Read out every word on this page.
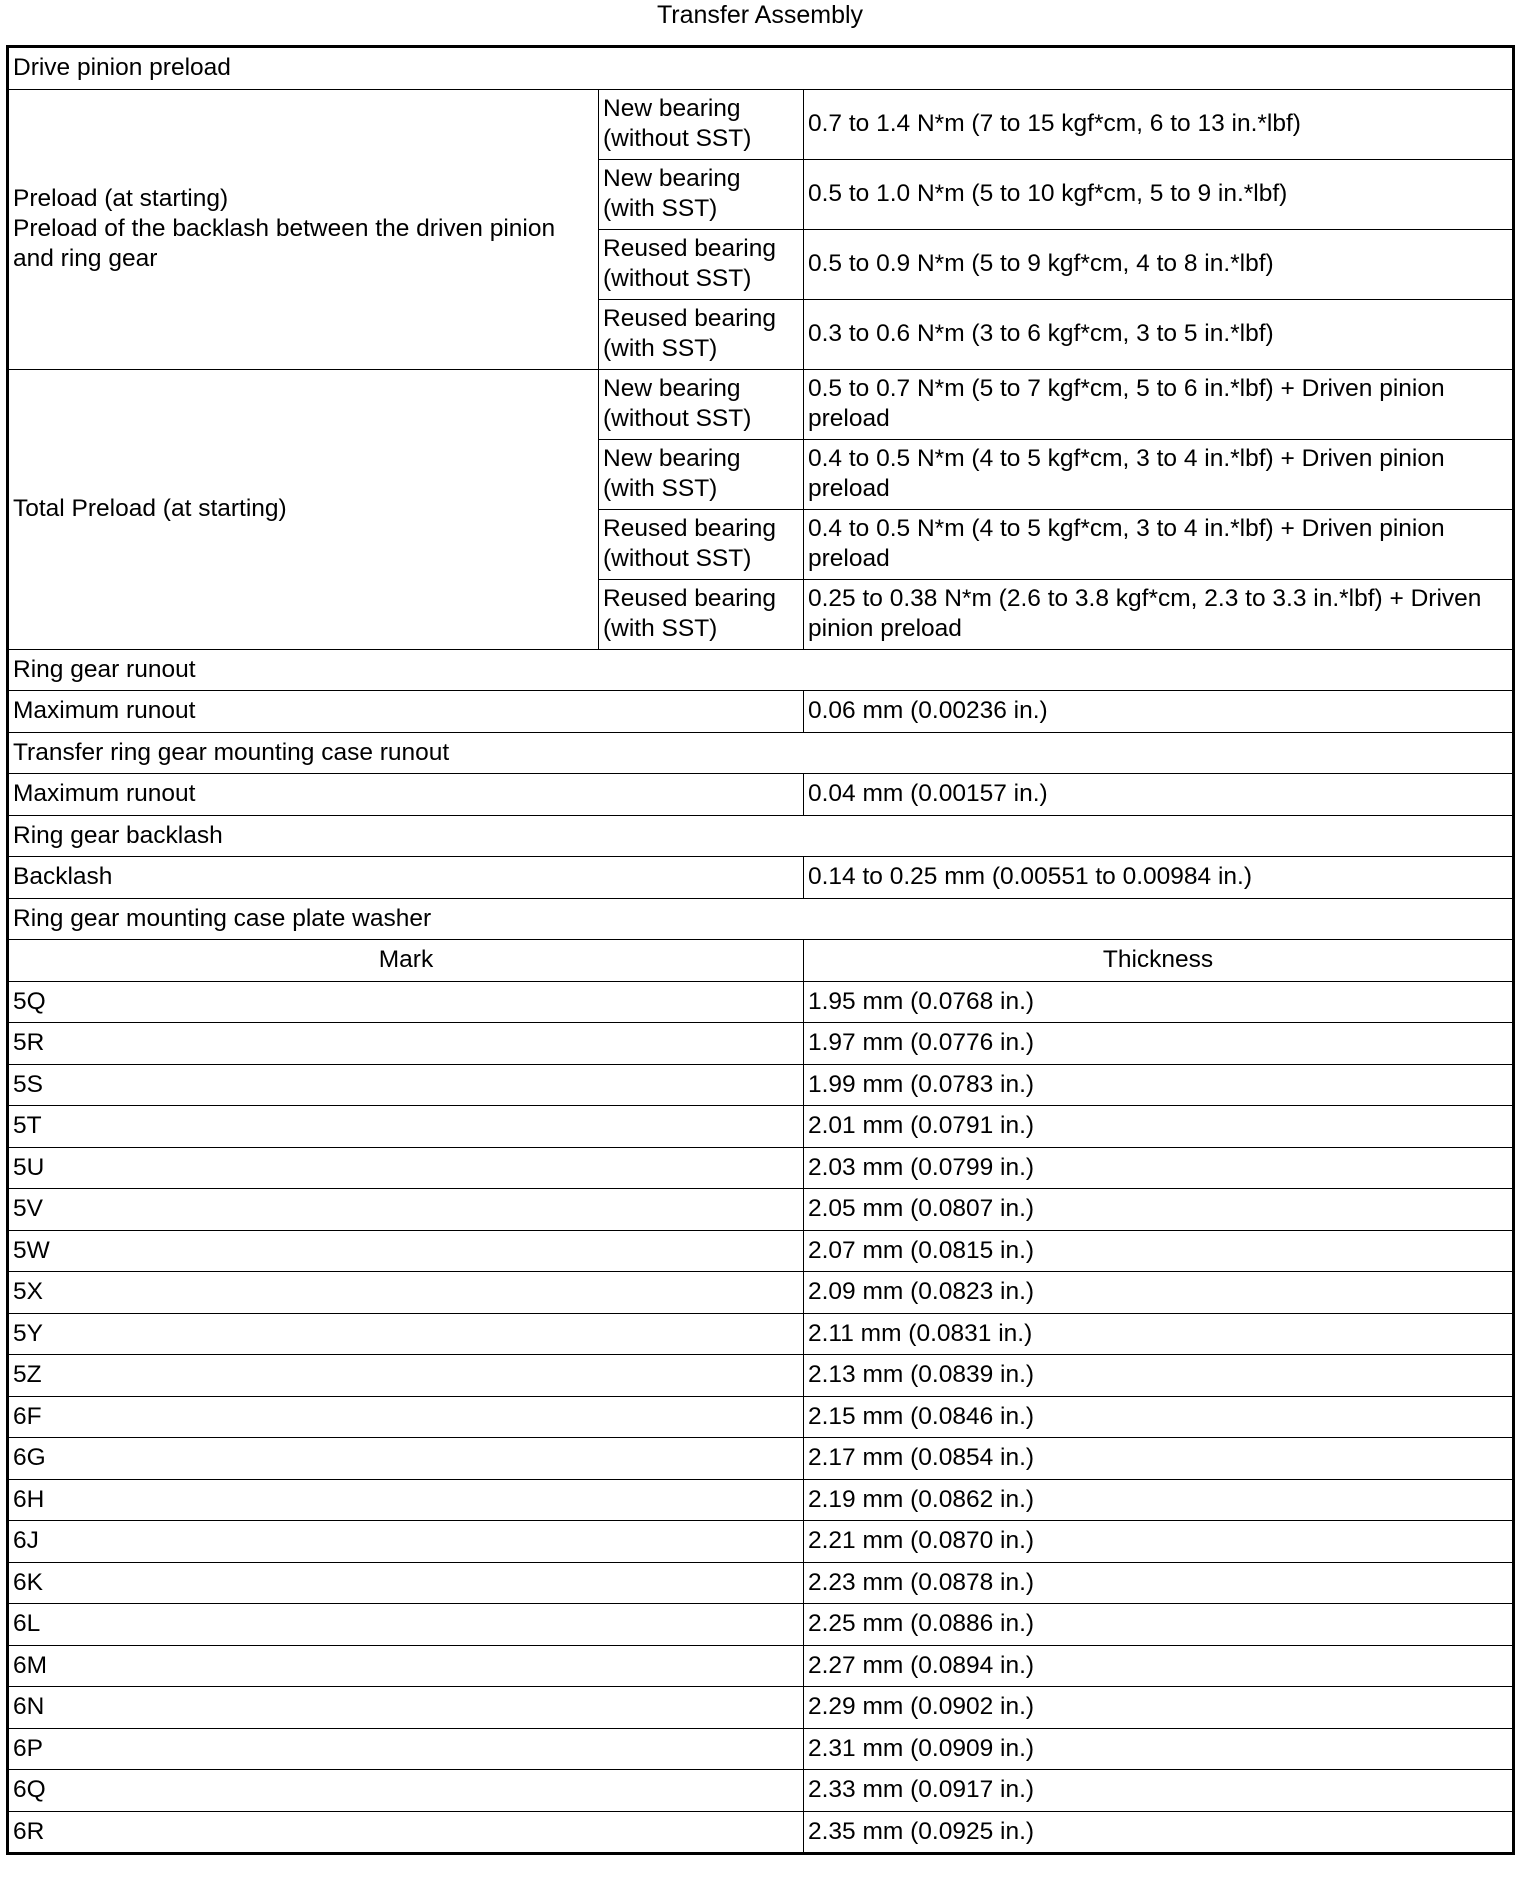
Transfer Assembly
Drive pinion preload		

Preload (at starting)
Preload of the backlash between the driven pinion and ring gear	New bearing (without SST)	0.7 to 1.4 N*m (7 to 15 kgf*cm, 6 to 13 in.*lbf)
	New bearing (with SST)	0.5 to 1.0 N*m (5 to 10 kgf*cm, 5 to 9 in.*lbf)
	Reused bearing (without SST)	0.5 to 0.9 N*m (5 to 9 kgf*cm, 4 to 8 in.*lbf)
	Reused bearing (with SST)	0.3 to 0.6 N*m (3 to 6 kgf*cm, 3 to 5 in.*lbf)
Total Preload (at starting)	New bearing (without SST)	0.5 to 0.7 N*m (5 to 7 kgf*cm, 5 to 6 in.*lbf) + Driven pinion preload
	New bearing (with SST)	0.4 to 0.5 N*m (4 to 5 kgf*cm, 3 to 4 in.*lbf) + Driven pinion preload
	Reused bearing (without SST)	0.4 to 0.5 N*m (4 to 5 kgf*cm, 3 to 4 in.*lbf) + Driven pinion preload
	Reused bearing (with SST)	0.25 to 0.38 N*m (2.6 to 3.8 kgf*cm, 2.3 to 3.3 in.*lbf) + Driven pinion preload
Ring gear runout		
Maximum runout		0.06 mm (0.00236 in.)
Transfer ring gear mounting case runout		
Maximum runout		0.04 mm (0.00157 in.)
Ring gear backlash		
Backlash		0.14 to 0.25 mm (0.00551 to 0.00984 in.)
Ring gear mounting case plate washer		
Mark		Thickness
5Q		1.95 mm (0.0768 in.)
5R		1.97 mm (0.0776 in.)
5S		1.99 mm (0.0783 in.)
5T		2.01 mm (0.0791 in.)
5U		2.03 mm (0.0799 in.)
5V		2.05 mm (0.0807 in.)
5W		2.07 mm (0.0815 in.)
5X		2.09 mm (0.0823 in.)
5Y		2.11 mm (0.0831 in.)
5Z		2.13 mm (0.0839 in.)
6F		2.15 mm (0.0846 in.)
6G		2.17 mm (0.0854 in.)
6H		2.19 mm (0.0862 in.)
6J		2.21 mm (0.0870 in.)
6K		2.23 mm (0.0878 in.)
6L		2.25 mm (0.0886 in.)
6M		2.27 mm (0.0894 in.)
6N		2.29 mm (0.0902 in.)
6P		2.31 mm (0.0909 in.)
6Q		2.33 mm (0.0917 in.)
6R		2.35 mm (0.0925 in.)
